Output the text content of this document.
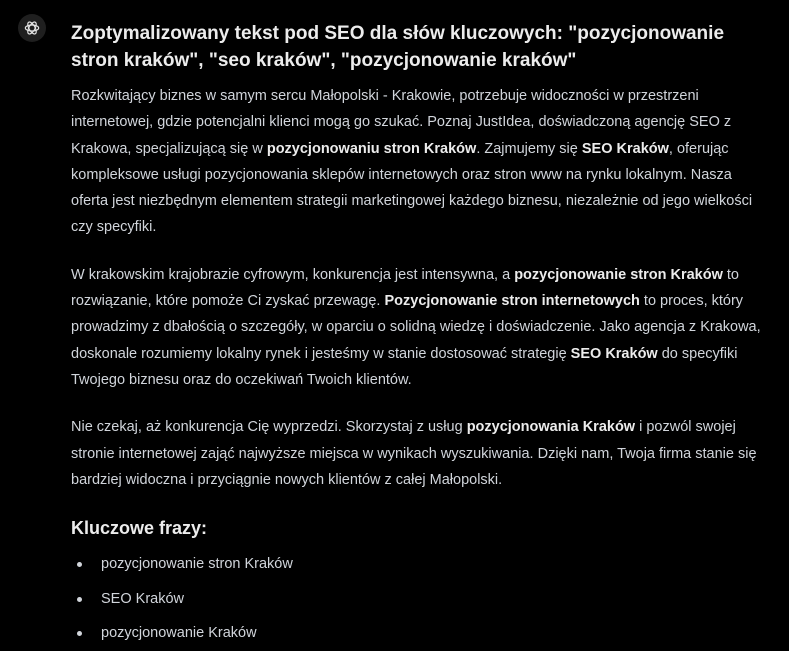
Zoptymalizowany tekst pod SEO dla słów kluczowych: "pozycjonowanie stron kraków", "seo kraków", "pozycjonowanie kraków"

Rozkwitający biznes w samym sercu Małopolski - Krakowie, potrzebuje widoczności w przestrzeni internetowej, gdzie potencjalni klienci mogą go szukać. Poznaj JustIdea, doświadczoną agencję SEO z Krakowa, specjalizującą się w pozycjonowaniu stron Kraków. Zajmujemy się SEO Kraków, oferując kompleksowe usługi pozycjonowania sklepów internetowych oraz stron www na rynku lokalnym. Nasza oferta jest niezbędnym elementem strategii marketingowej każdego biznesu, niezależnie od jego wielkości czy specyfiki.

W krakowskim krajobrazie cyfrowym, konkurencja jest intensywna, a pozycjonowanie stron Kraków to rozwiązanie, które pomoże Ci zyskać przewagę. Pozycjonowanie stron internetowych to proces, który prowadzimy z dbałością o szczegóły, w oparciu o solidną wiedzę i doświadczenie. Jako agencja z Krakowa, doskonale rozumiemy lokalny rynek i jesteśmy w stanie dostosować strategię SEO Kraków do specyfiki Twojego biznesu oraz do oczekiwań Twoich klientów.

Nie czekaj, aż konkurencja Cię wyprzedzi. Skorzystaj z usług pozycjonowania Kraków i pozwól swojej stronie internetowej zająć najwyższe miejsca w wynikach wyszukiwania. Dzięki nam, Twoja firma stanie się bardziej widoczna i przyciągnie nowych klientów z całej Małopolski.

Kluczowe frazy:
pozycjonowanie stron Kraków
SEO Kraków
pozycjonowanie Kraków
